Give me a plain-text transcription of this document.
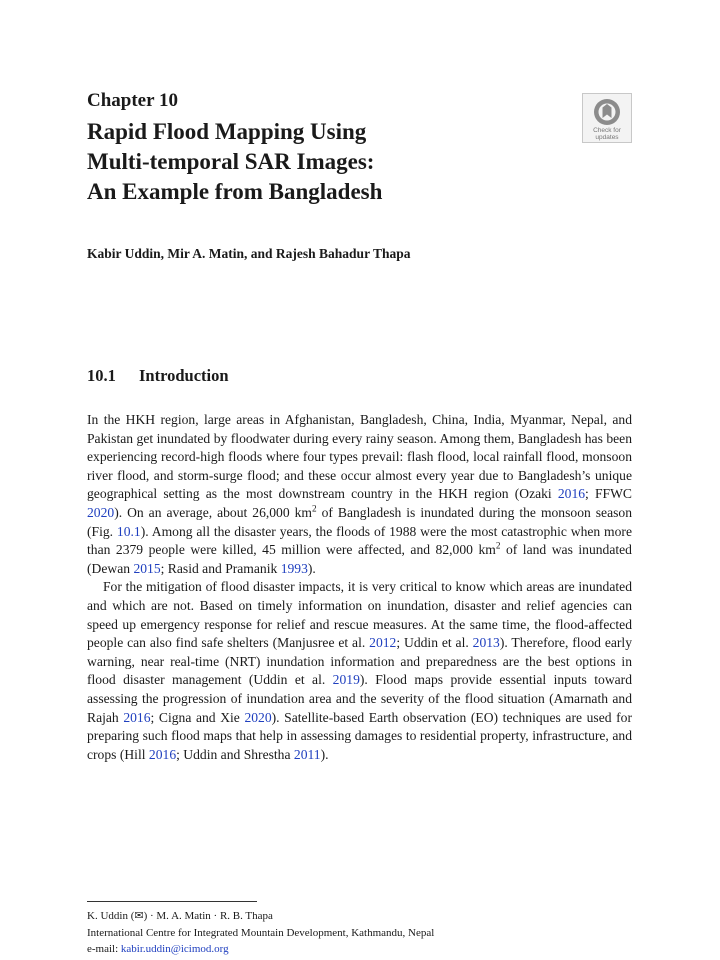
Chapter 10
Rapid Flood Mapping Using
Multi-temporal SAR Images:
An Example from Bangladesh
Check for
updates
Kabir Uddin, Mir A. Matin, and Rajesh Bahadur Thapa
10.1 Introduction

In the HKH region, large areas in Afghanistan, Bangladesh, China, India, Myanmar, Nepal, and Pakistan get inundated by floodwater during every rainy season. Among them, Bangladesh has been experiencing record-high floods where four types prevail: flash flood, local rainfall flood, monsoon river flood, and storm-surge flood; and these occur almost every year due to Bangladesh’s unique geographical setting as the most downstream country in the HKH region (Ozaki 2016; FFWC 2020). On an average, about 26,000 $km^2$ of Bangladesh is inundated during the monsoon season (Fig. 10.1). Among all the disaster years, the floods of 1988 were the most catastrophic when more than 2379 people were killed, 45 million were affected, and 82,000 $km^2$ of land was inundated (Dewan 2015; Rasid and Pramanik 1993).

For the mitigation of flood disaster impacts, it is very critical to know which areas are inundated and which are not. Based on timely information on inundation, disaster and relief agencies can speed up emergency response for relief and rescue measures. At the same time, the flood-affected people can also find safe shelters (Manjusree et al. 2012; Uddin et al. 2013). Therefore, flood early warning, near real-time (NRT) inundation information and preparedness are the best options in flood disaster management (Uddin et al. 2019). Flood maps provide essential inputs toward assessing the progression of inundation area and the severity of the flood situation (Amarnath and Rajah 2016; Cigna and Xie 2020). Satellite-based Earth observation (EO) techniques are used for preparing such flood maps that help in assessing damages to residential property, infrastructure, and crops (Hill 2016; Uddin and Shrestha 2011).

K. Uddin (✉) · M. A. Matin · R. B. Thapa
International Centre for Integrated Mountain Development, Kathmandu, Nepal
e-mail: kabir.uddin@icimod.org
